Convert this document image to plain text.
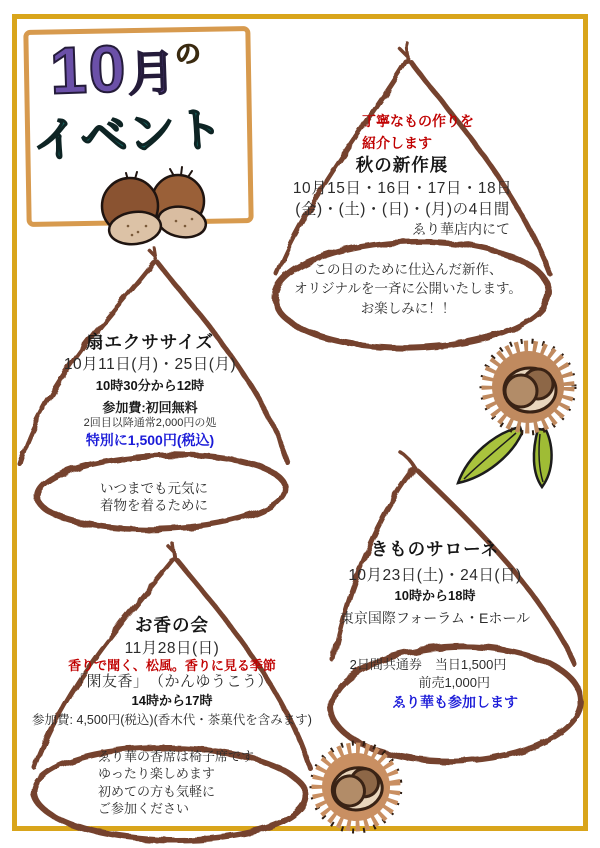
10月の
イベント	丁寧なもの作りを
紹介します
秋の新作展
10月15日・16日・17日・18日
(金)・(土)・(日)・(月)の4日間
ゑり華店内にて
この日のために仕込んだ新作、
オリジナルを一斉に公開いたします。
お楽しみに！！
扇エクササイズ
10月11日(月)・25日(月)
10時30分から12時
参加費:初回無料
2回目以降通常2,000円の処
特別に1,500円(税込)
いつまでも元気に
着物を着るために
きものサローネ
10月23日(土)・24日(日)
10時から18時
東京国際フォーラム・Eホール
2日間共通券　当日1,500円
前売1,000円
ゑり華も参加します
お香の会
11月28日(日)
香りで聞く、松風。香りに見る季節
「閑友香」　（かんゆうこう）
14時から17時
参加費: 4,500円(税込)(香木代・茶菓代を含みます)
ゑり華の香席は椅子席です
ゆったり楽しめます
初めての方も気軽に
ご参加ください
